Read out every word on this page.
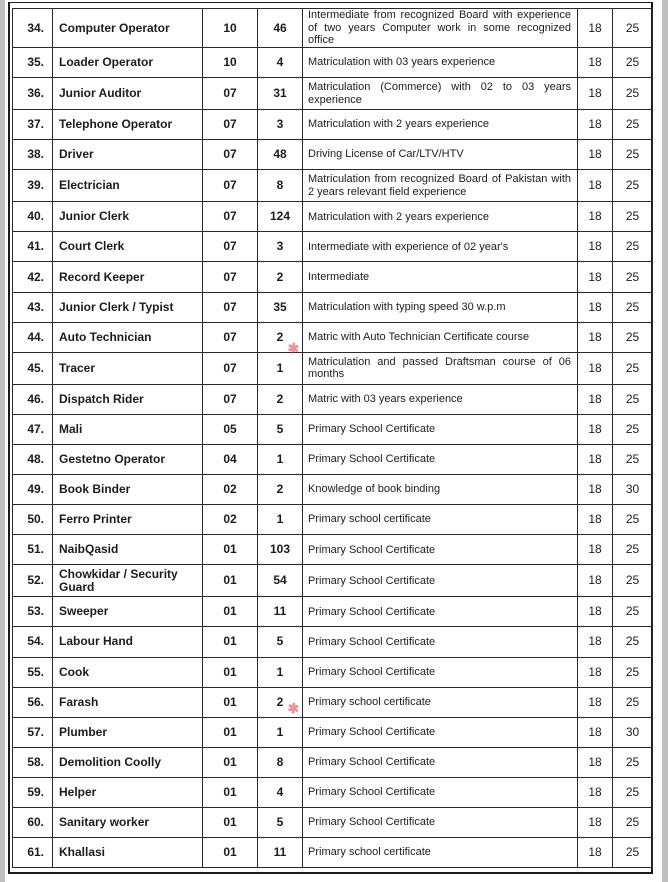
34.	Computer Operator	10	46	Intermediate from recognized Board with experience of two years Computer work in some recognized office	18	25
35.	Loader Operator	10	4	Matriculation with 03 years experience	18	25
36.	Junior Auditor	07	31	Matriculation (Commerce) with 02 to 03 years experience	18	25
37.	Telephone Operator	07	3	Matriculation with 2 years experience	18	25
38.	Driver	07	48	Driving License of Car/LTV/HTV	18	25
39.	Electrician	07	8	Matriculation from recognized Board of Pakistan with 2 years relevant field experience	18	25
40.	Junior Clerk	07	124	Matriculation with 2 years experience	18	25
41.	Court Clerk	07	3	Intermediate with experience of 02 year's	18	25
42.	Record Keeper	07	2	Intermediate	18	25
43.	Junior Clerk / Typist	07	35	Matriculation with typing speed 30 w.p.m	18	25
44.	Auto Technician	07	2	Matric with Auto Technician Certificate course	18	25
45.	Tracer	07	1	Matriculation and passed Draftsman course of 06 months	18	25
46.	Dispatch Rider	07	2	Matric with 03 years experience	18	25
47.	Mali	05	5	Primary School Certificate	18	25
48.	Gestetno Operator	04	1	Primary School Certificate	18	25
49.	Book Binder	02	2	Knowledge of book binding	18	30
50.	Ferro Printer	02	1	Primary school certificate	18	25
51.	NaibQasid	01	103	Primary School Certificate	18	25
52.	Chowkidar / Security Guard	01	54	Primary School Certificate	18	25
53.	Sweeper	01	11	Primary School Certificate	18	25
54.	Labour Hand	01	5	Primary School Certificate	18	25
55.	Cook	01	1	Primary School Certificate	18	25
56.	Farash	01	2	Primary school certificate	18	25
57.	Plumber	01	1	Primary School Certificate	18	30
58.	Demolition Coolly	01	8	Primary School Certificate	18	25
59.	Helper	01	4	Primary School Certificate	18	25
60.	Sanitary worker	01	5	Primary School Certificate	18	25
61.	Khallasi	01	11	Primary school certificate	18	25
✱
✱
